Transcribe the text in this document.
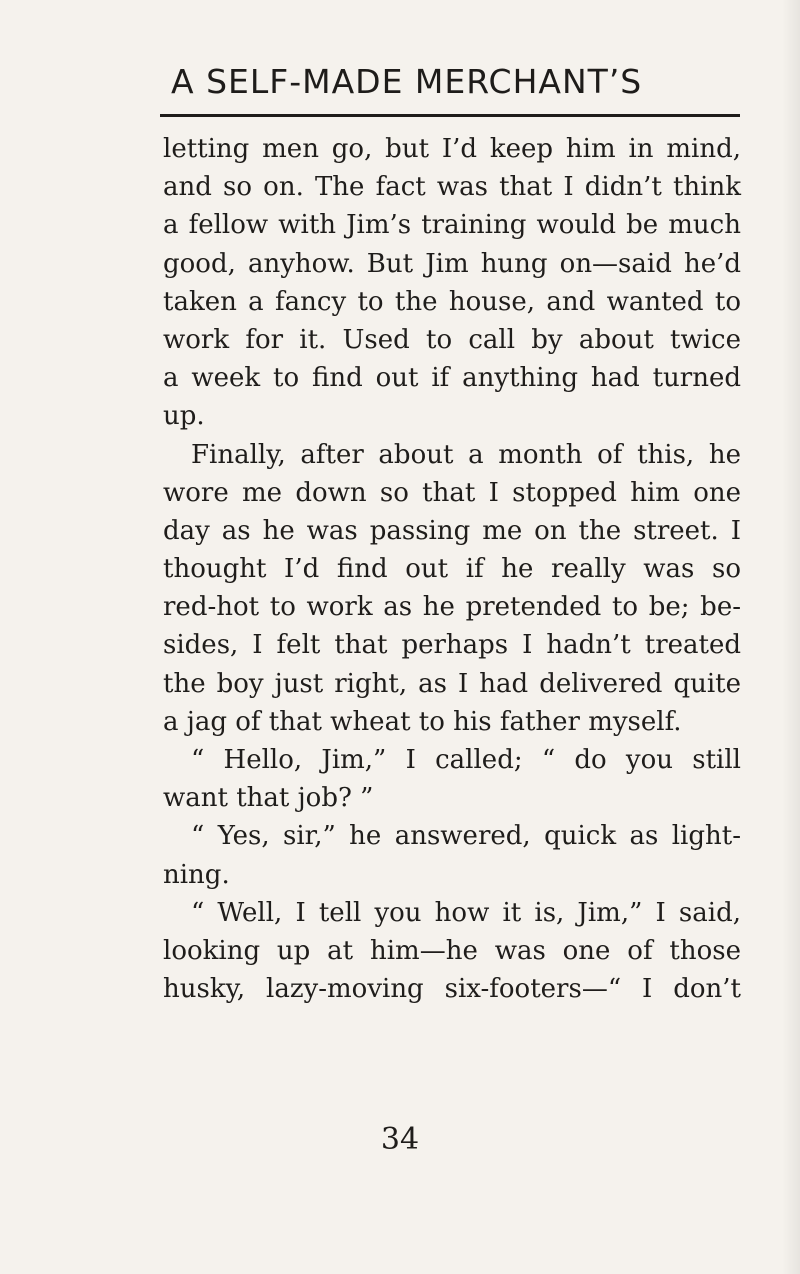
A SELF-MADE MERCHANT’S
letting men go, but I’d keep him in mind,
and so on. The fact was that I didn’t think
a fellow with Jim’s training would be much
good, anyhow. But Jim hung on—said he’d
taken a fancy to the house, and wanted to
work for it. Used to call by about twice
a week to find out if anything had turned
up.
Finally, after about a month of this, he
wore me down so that I stopped him one
day as he was passing me on the street. I
thought I’d find out if he really was so
red-hot to work as he pretended to be; be-
sides, I felt that perhaps I hadn’t treated
the boy just right, as I had delivered quite
a jag of that wheat to his father myself.
“ Hello, Jim,” I called; “ do you still
want that job? ”
“ Yes, sir,” he answered, quick as light-
ning.
“ Well, I tell you how it is, Jim,” I said,
looking up at him—he was one of those
husky, lazy-moving six-footers—“ I don’t
34
